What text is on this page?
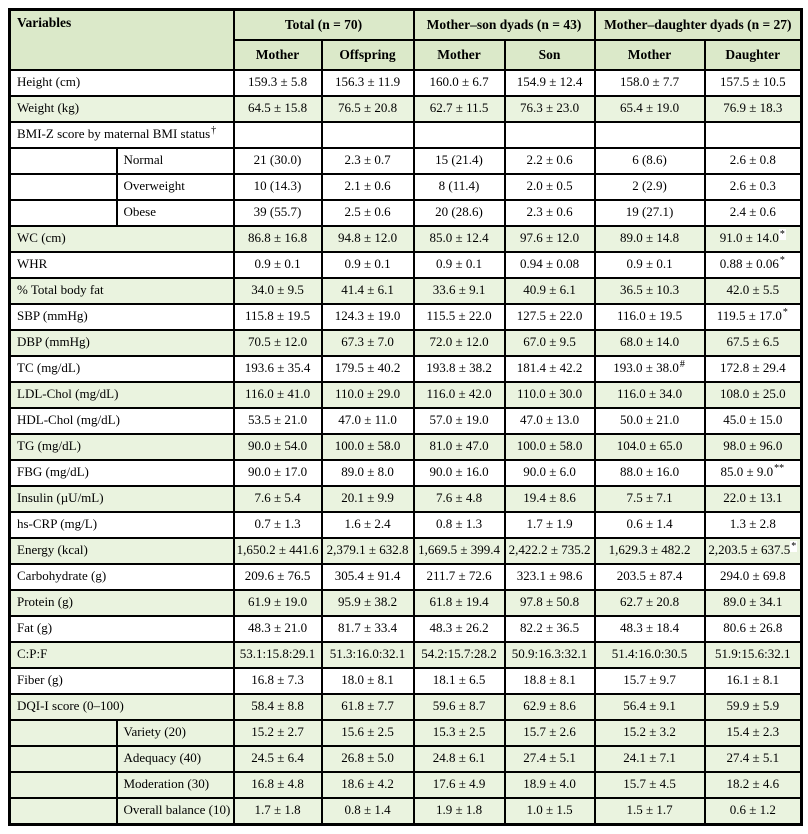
Variables		Total (n = 70)		Mother–son dyads (n = 43)		Mother–daughter dyads (n = 27)	
		Mother	Offspring	Mother	Son	Mother	Daughter
Height (cm)		159.3 ± 5.8	156.3 ± 11.9	160.0 ± 6.7	154.9 ± 12.4	158.0 ± 7.7	157.5 ± 10.5
Weight (kg)		64.5 ± 15.8	76.5 ± 20.8	62.7 ± 11.5	76.3 ± 23.0	65.4 ± 19.0	76.9 ± 18.3
BMI-Z score by maternal BMI status†						
	Normal	21 (30.0)	2.3 ± 0.7	15 (21.4)	2.2 ± 0.6	6 (8.6)	2.6 ± 0.8
	Overweight	10 (14.3)	2.1 ± 0.6	8 (11.4)	2.0 ± 0.5	2 (2.9)	2.6 ± 0.3
	Obese	39 (55.7)	2.5 ± 0.6	20 (28.6)	2.3 ± 0.6	19 (27.1)	2.4 ± 0.6
WC (cm)		86.8 ± 16.8	94.8 ± 12.0	85.0 ± 12.4	97.6 ± 12.0	89.0 ± 14.8	91.0 ± 14.0*
WHR		0.9 ± 0.1	0.9 ± 0.1	0.9 ± 0.1	0.94 ± 0.08	0.9 ± 0.1	0.88 ± 0.06*
% Total body fat		34.0 ± 9.5	41.4 ± 6.1	33.6 ± 9.1	40.9 ± 6.1	36.5 ± 10.3	42.0 ± 5.5
SBP (mmHg)		115.8 ± 19.5	124.3 ± 19.0	115.5 ± 22.0	127.5 ± 22.0	116.0 ± 19.5	119.5 ± 17.0*
DBP (mmHg)		70.5 ± 12.0	67.3 ± 7.0	72.0 ± 12.0	67.0 ± 9.5	68.0 ± 14.0	67.5 ± 6.5
TC (mg/dL)		193.6 ± 35.4	179.5 ± 40.2	193.8 ± 38.2	181.4 ± 42.2	193.0 ± 38.0#	172.8 ± 29.4
LDL-Chol (mg/dL)		116.0 ± 41.0	110.0 ± 29.0	116.0 ± 42.0	110.0 ± 30.0	116.0 ± 34.0	108.0 ± 25.0
HDL-Chol (mg/dL)		53.5 ± 21.0	47.0 ± 11.0	57.0 ± 19.0	47.0 ± 13.0	50.0 ± 21.0	45.0 ± 15.0
TG (mg/dL)		90.0 ± 54.0	100.0 ± 58.0	81.0 ± 47.0	100.0 ± 58.0	104.0 ± 65.0	98.0 ± 96.0
FBG (mg/dL)		90.0 ± 17.0	89.0 ± 8.0	90.0 ± 16.0	90.0 ± 6.0	88.0 ± 16.0	85.0 ± 9.0**
Insulin (µU/mL)		7.6 ± 5.4	20.1 ± 9.9	7.6 ± 4.8	19.4 ± 8.6	7.5 ± 7.1	22.0 ± 13.1
hs-CRP (mg/L)		0.7 ± 1.3	1.6 ± 2.4	0.8 ± 1.3	1.7 ± 1.9	0.6 ± 1.4	1.3 ± 2.8
Energy (kcal)		1,650.2 ± 441.6	2,379.1 ± 632.8	1,669.5 ± 399.4	2,422.2 ± 735.2	1,629.3 ± 482.2	2,203.5 ± 637.5*
Carbohydrate (g)		209.6 ± 76.5	305.4 ± 91.4	211.7 ± 72.6	323.1 ± 98.6	203.5 ± 87.4	294.0 ± 69.8
Protein (g)		61.9 ± 19.0	95.9 ± 38.2	61.8 ± 19.4	97.8 ± 50.8	62.7 ± 20.8	89.0 ± 34.1
Fat (g)		48.3 ± 21.0	81.7 ± 33.4	48.3 ± 26.2	82.2 ± 36.5	48.3 ± 18.4	80.6 ± 26.8
C:P:F		53.1:15.8:29.1	51.3:16.0:32.1	54.2:15.7:28.2	50.9:16.3:32.1	51.4:16.0:30.5	51.9:15.6:32.1
Fiber (g)		16.8 ± 7.3	18.0 ± 8.1	18.1 ± 6.5	18.8 ± 8.1	15.7 ± 9.7	16.1 ± 8.1
DQI-I score (0–100)		58.4 ± 8.8	61.8 ± 7.7	59.6 ± 8.7	62.9 ± 8.6	56.4 ± 9.1	59.9 ± 5.9
	Variety (20)	15.2 ± 2.7	15.6 ± 2.5	15.3 ± 2.5	15.7 ± 2.6	15.2 ± 3.2	15.4 ± 2.3
	Adequacy (40)	24.5 ± 6.4	26.8 ± 5.0	24.8 ± 6.1	27.4 ± 5.1	24.1 ± 7.1	27.4 ± 5.1
	Moderation (30)	16.8 ± 4.8	18.6 ± 4.2	17.6 ± 4.9	18.9 ± 4.0	15.7 ± 4.5	18.2 ± 4.6
	Overall balance (10)	1.7 ± 1.8	0.8 ± 1.4	1.9 ± 1.8	1.0 ± 1.5	1.5 ± 1.7	0.6 ± 1.2
